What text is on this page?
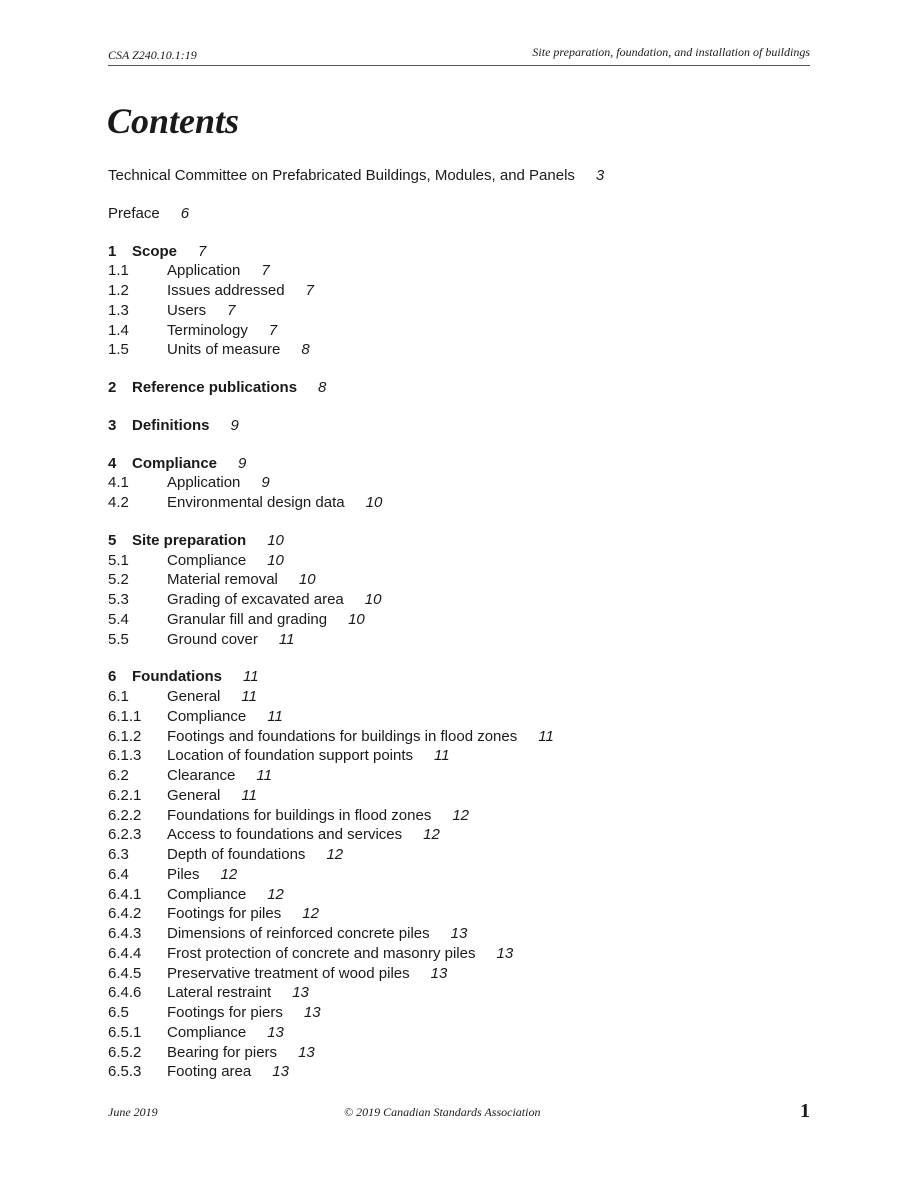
CSA Z240.10.1:19	Site preparation, foundation, and installation of buildings
Contents
Technical Committee on Prefabricated Buildings, Modules, and Panels 3
Preface 6
1 Scope 7
1.1	Application 7
1.2	Issues addressed 7
1.3	Users 7
1.4	Terminology 7
1.5	Units of measure 8
2 Reference publications 8
3 Definitions 9
4 Compliance 9
4.1	Application 9
4.2	Environmental design data 10
5 Site preparation 10
5.1	Compliance 10
5.2	Material removal 10
5.3	Grading of excavated area 10
5.4	Granular fill and grading 10
5.5	Ground cover 11
6 Foundations 11
6.1	General 11
6.1.1 Compliance 11
6.1.2 Footings and foundations for buildings in flood zones 11
6.1.3 Location of foundation support points 11
6.2	Clearance 11
6.2.1 General 11
6.2.2 Foundations for buildings in flood zones 12
6.2.3 Access to foundations and services 12
6.3	Depth of foundations 12
6.4	Piles 12
6.4.1 Compliance 12
6.4.2 Footings for piles 12
6.4.3 Dimensions of reinforced concrete piles 13
6.4.4 Frost protection of concrete and masonry piles 13
6.4.5 Preservative treatment of wood piles 13
6.4.6 Lateral restraint 13
6.5	Footings for piers 13
6.5.1 Compliance 13
6.5.2 Bearing for piers 13
6.5.3 Footing area 13
June 2019	© 2019 Canadian Standards Association	1
